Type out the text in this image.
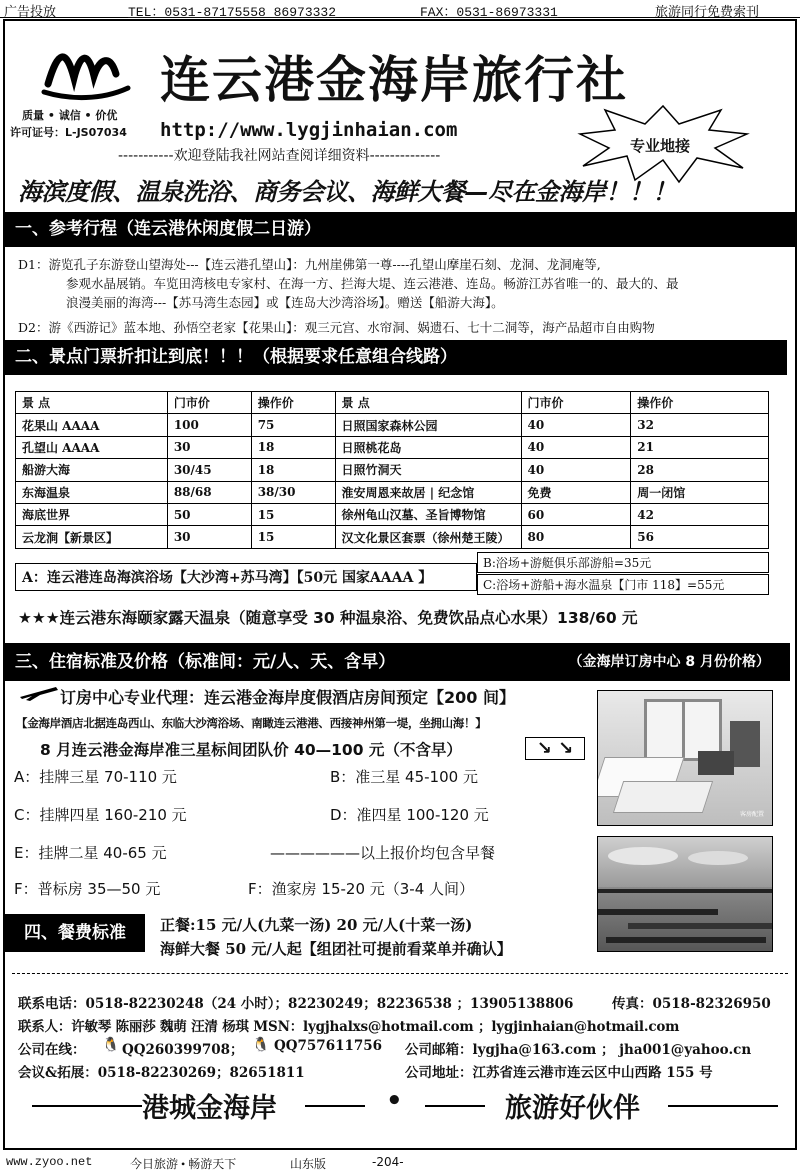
广告投放	TEL：0531-87175558 86973332	FAX：0531-86973331	旅游同行免费索刊
连云港金海岸旅行社
质量 • 诚信 • 价优
许可证号：L-JS07034 http://www.lygjinhaian.com
-----------欢迎登陆我社网站查阅详细资料--------------
专业地接
海滨度假、温泉洗浴、商务会议、海鲜大餐—尽在金海岸！！！
一、参考行程（连云港休闲度假二日游）
D1：游览孔子东游登山望海处---【连云港孔望山】：九州崖佛第一尊----孔望山摩崖石刻、龙洞、龙洞庵等,
参观水晶展销。车览田湾核电专家村、在海一方、拦海大堤、连云港港、连岛。畅游江苏省唯一的、最大的、最
浪漫美丽的海湾---【苏马湾生态园】或【连岛大沙湾浴场】。赠送【船游大海】。
D2：游《西游记》蓝本地、孙悟空老家【花果山】：观三元宫、水帘洞、娲遗石、七十二洞等，海产品超市自由购物
二、景点门票折扣让到底！！！（根据要求任意组合线路）
景 点	门市价	操作价	景 点	门市价	操作价
花果山 AAAA	100	75	日照国家森林公园	40	32
孔望山 AAAA	30	18	日照桃花岛	40	21
船游大海	30/45	18	日照竹洞天	40	28
东海温泉	88/68	38/30	淮安周恩来故居 | 纪念馆	免费	周一闭馆
海底世界	50	15	徐州龟山汉墓、圣旨博物馆	60	42
云龙涧【新景区】	30	15	汉文化景区套票（徐州楚王陵）	80	56
A：连云港连岛海滨浴场【大沙湾+苏马湾】【50元 国家AAAA 】
B:浴场+游艇俱乐部游船=35元
C:浴场+游船+海水温泉【门市 118】=55元
★★★连云港东海颐家露天温泉（随意享受 30 种温泉浴、免费饮品点心水果）138/60 元
三、住宿标准及价格（标准间：元/人、天、含早）	（金海岸订房中心 8 月份价格）
订房中心专业代理：连云港金海岸度假酒店房间预定【200 间】
【金海岸酒店北据连岛西山、东临大沙湾浴场、南瞰连云港港、西接神州第一堤，坐拥山海！】
8 月连云港金海岸准三星标间团队价 40—100 元（不含早）	↘ ↘
A：挂牌三星 70-110 元	B：准三星 45-100 元
C：挂牌四星 160-210 元	D：准四星 100-120 元
E：挂牌二星 40-65 元	——————以上报价均包含早餐
F：普标房 35—50 元	F：渔家房 15-20 元（3-4 人间）
客房配置
四、餐费标准	正餐:15 元/人(九菜一汤) 20 元/人(十菜一汤)
海鲜大餐 50 元/人起【组团社可提前看菜单并确认】
联系电话：0518-82230248（24 小时）；82230249；82236538 ；13905138806	传真：0518-82326950
联系人：许敏琴 陈丽莎 魏萌 汪清 杨琪 MSN：lygjhalxs@hotmail.com ；lygjinhaian@hotmail.com
公司在线： 🐧 QQ260399708； 🐧 QQ757611756 公司邮箱：lygjha@163.com ； jha001@yahoo.cn
会议&拓展：0518-82230269；82651811	公司地址：江苏省连云港市连云区中山西路 155 号
港城金海岸	•	旅游好伙伴
www.zyoo.net	今日旅游 • 畅游天下	山东版	-204-
